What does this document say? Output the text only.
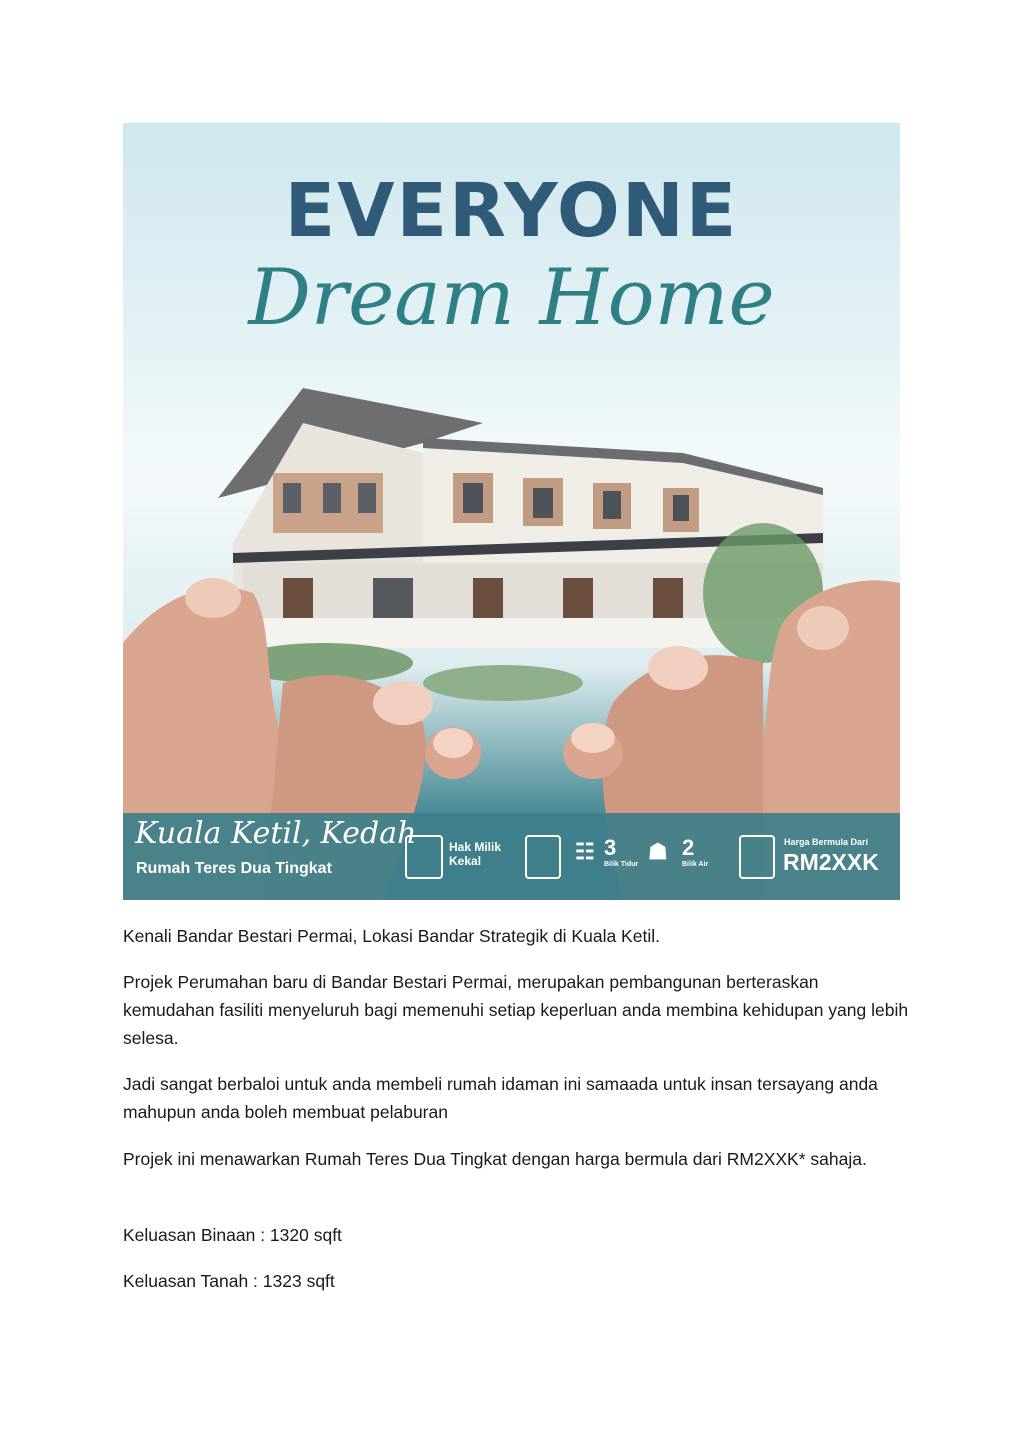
EVERYONE
Dream Home
Kuala Ketil, Kedah
Rumah Teres Dua Tingkat
Hak Milik
Kekal	☷ 3
Bilik Tidur
☗ 2
Bilik Air
Harga Bermula Dari
RM2XXK

Kenali Bandar Bestari Permai, Lokasi Bandar Strategik di Kuala Ketil.

Projek Perumahan baru di Bandar Bestari Permai, merupakan pembangunan berteraskan kemudahan fasiliti menyeluruh bagi memenuhi setiap keperluan anda membina kehidupan yang lebih selesa.

Jadi sangat berbaloi untuk anda membeli rumah idaman ini samaada untuk insan tersayang anda mahupun anda boleh membuat pelaburan

Projek ini menawarkan Rumah Teres Dua Tingkat dengan harga bermula dari RM2XXK* sahaja.

Keluasan Binaan : 1320 sqft

Keluasan Tanah : 1323 sqft
